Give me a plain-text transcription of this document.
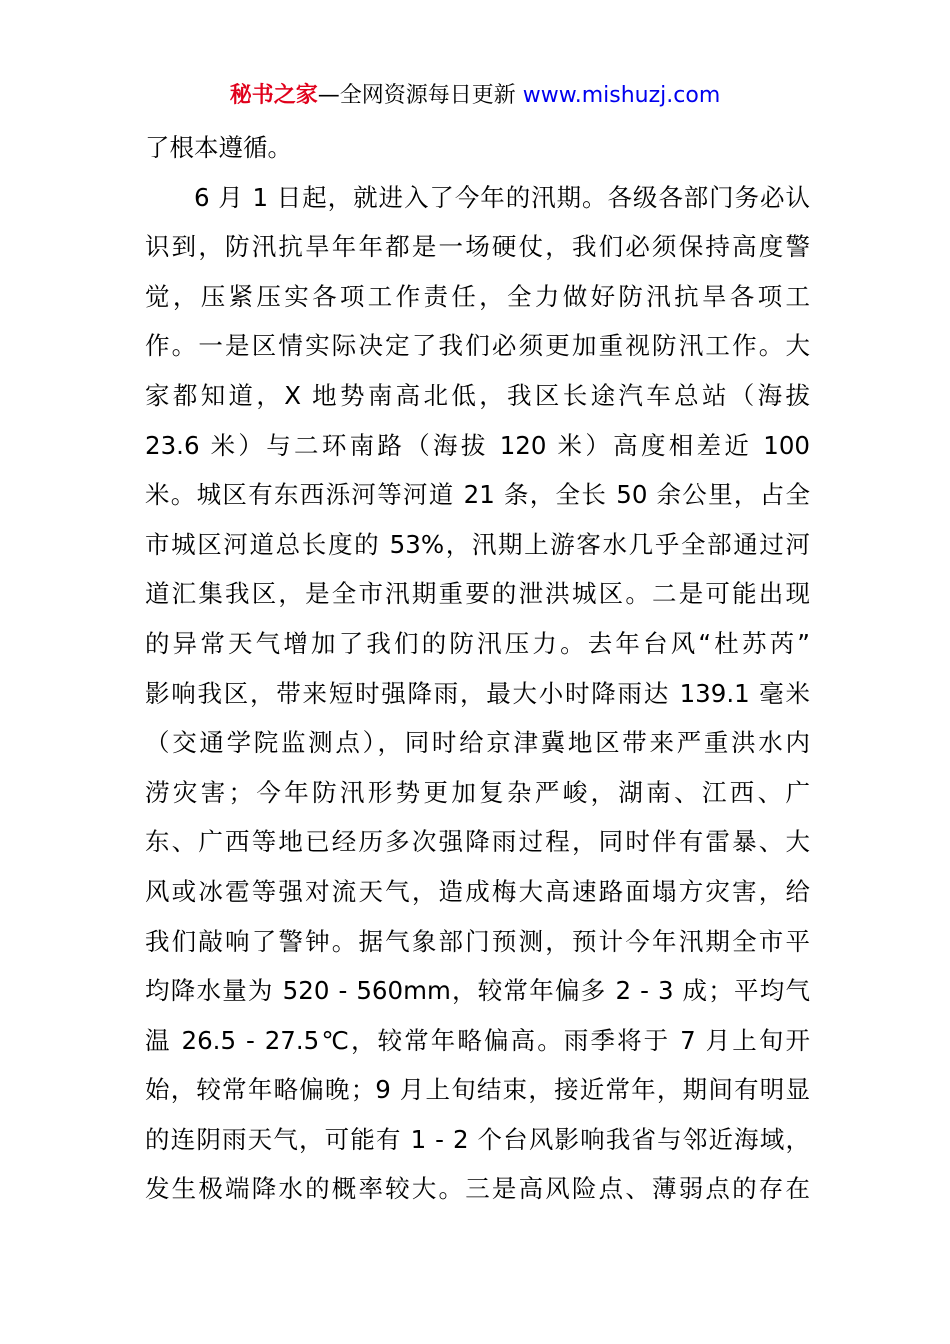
秘书之家—全网资源每日更新 www.mishuzj.com
了根本遵循。
6 月 1 日起，就进入了今年的汛期。各级各部门务必认
识到，防汛抗旱年年都是一场硬仗，我们必须保持高度警
觉，压紧压实各项工作责任，全力做好防汛抗旱各项工
作。一是区情实际决定了我们必须更加重视防汛工作。大
家都知道，X 地势南高北低，我区长途汽车总站（海拔
23.6 米）与二环南路（海拔 120 米）高度相差近 100
米。城区有东西泺河等河道 21 条，全长 50 余公里，占全
市城区河道总长度的 53%，汛期上游客水几乎全部通过河
道汇集我区，是全市汛期重要的泄洪城区。二是可能出现
的异常天气增加了我们的防汛压力。去年台风“杜苏芮”
影响我区，带来短时强降雨，最大小时降雨达 139.1 毫米
（交通学院监测点），同时给京津冀地区带来严重洪水内
涝灾害；今年防汛形势更加复杂严峻，湖南、江西、广
东、广西等地已经历多次强降雨过程，同时伴有雷暴、大
风或冰雹等强对流天气，造成梅大高速路面塌方灾害，给
我们敲响了警钟。据气象部门预测，预计今年汛期全市平
均降水量为 520 - 560mm，较常年偏多 2 - 3 成；平均气
温 26.5 - 27.5℃，较常年略偏高。雨季将于 7 月上旬开
始，较常年略偏晚；9 月上旬结束，接近常年，期间有明显
的连阴雨天气，可能有 1 - 2 个台风影响我省与邻近海域，
发生极端降水的概率较大。三是高风险点、薄弱点的存在
